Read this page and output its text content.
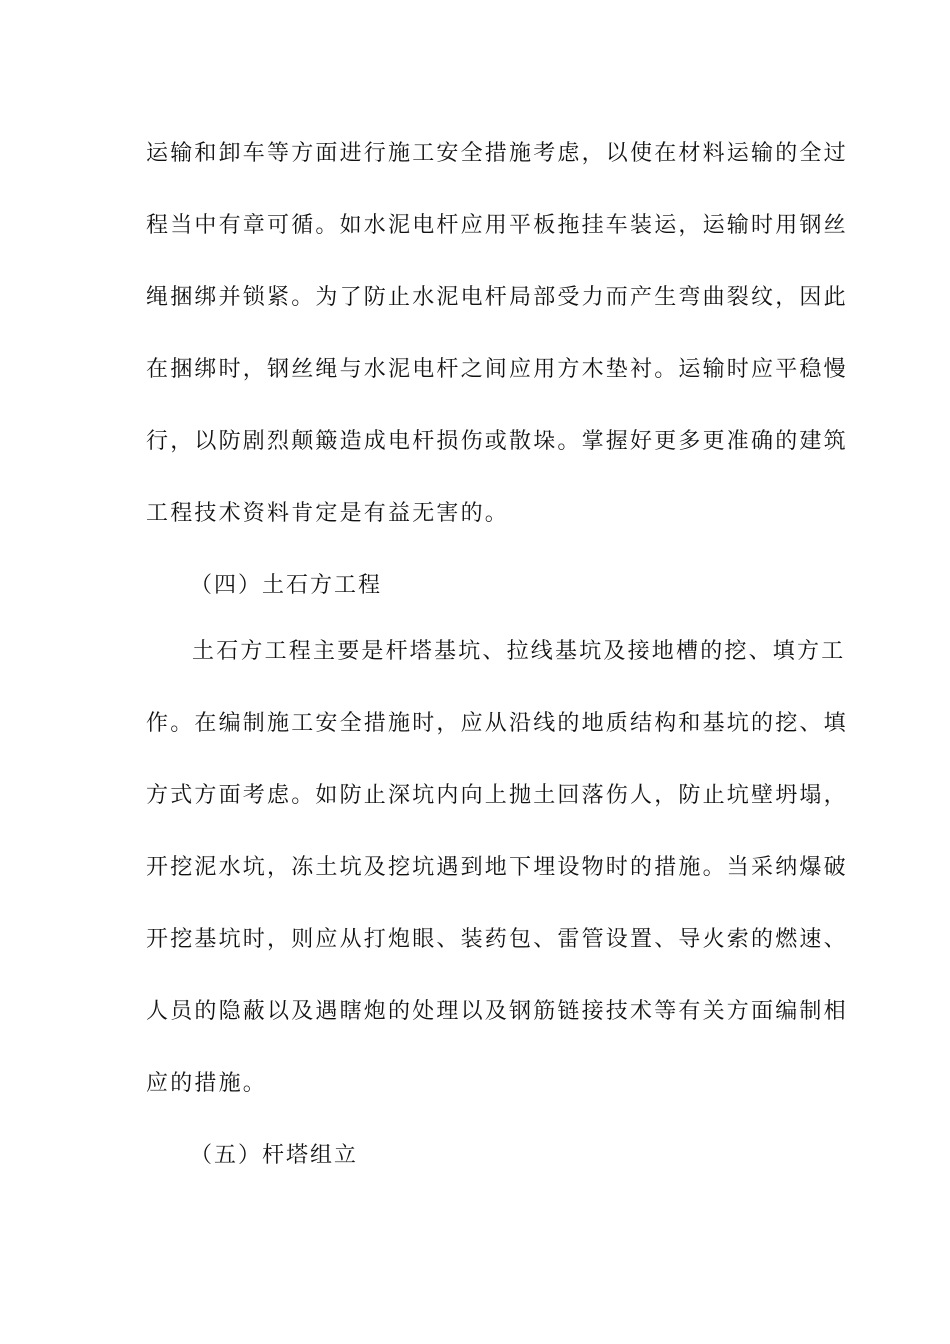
运输和卸车等方面进行施工安全措施考虑，以使在材料运输的全过
程当中有章可循。如水泥电杆应用平板拖挂车装运，运输时用钢丝
绳捆绑并锁紧。为了防止水泥电杆局部受力而产生弯曲裂纹，因此
在捆绑时，钢丝绳与水泥电杆之间应用方木垫衬。运输时应平稳慢
行，以防剧烈颠簸造成电杆损伤或散垛。掌握好更多更准确的建筑
工程技术资料肯定是有益无害的。
（四）土石方工程
土石方工程主要是杆塔基坑、拉线基坑及接地槽的挖、填方工
作。在编制施工安全措施时，应从沿线的地质结构和基坑的挖、填
方式方面考虑。如防止深坑内向上抛土回落伤人，防止坑壁坍塌，
开挖泥水坑，冻土坑及挖坑遇到地下埋设物时的措施。当采纳爆破
开挖基坑时，则应从打炮眼、装药包、雷管设置、导火索的燃速、
人员的隐蔽以及遇瞎炮的处理以及钢筋链接技术等有关方面编制相
应的措施。
（五）杆塔组立
